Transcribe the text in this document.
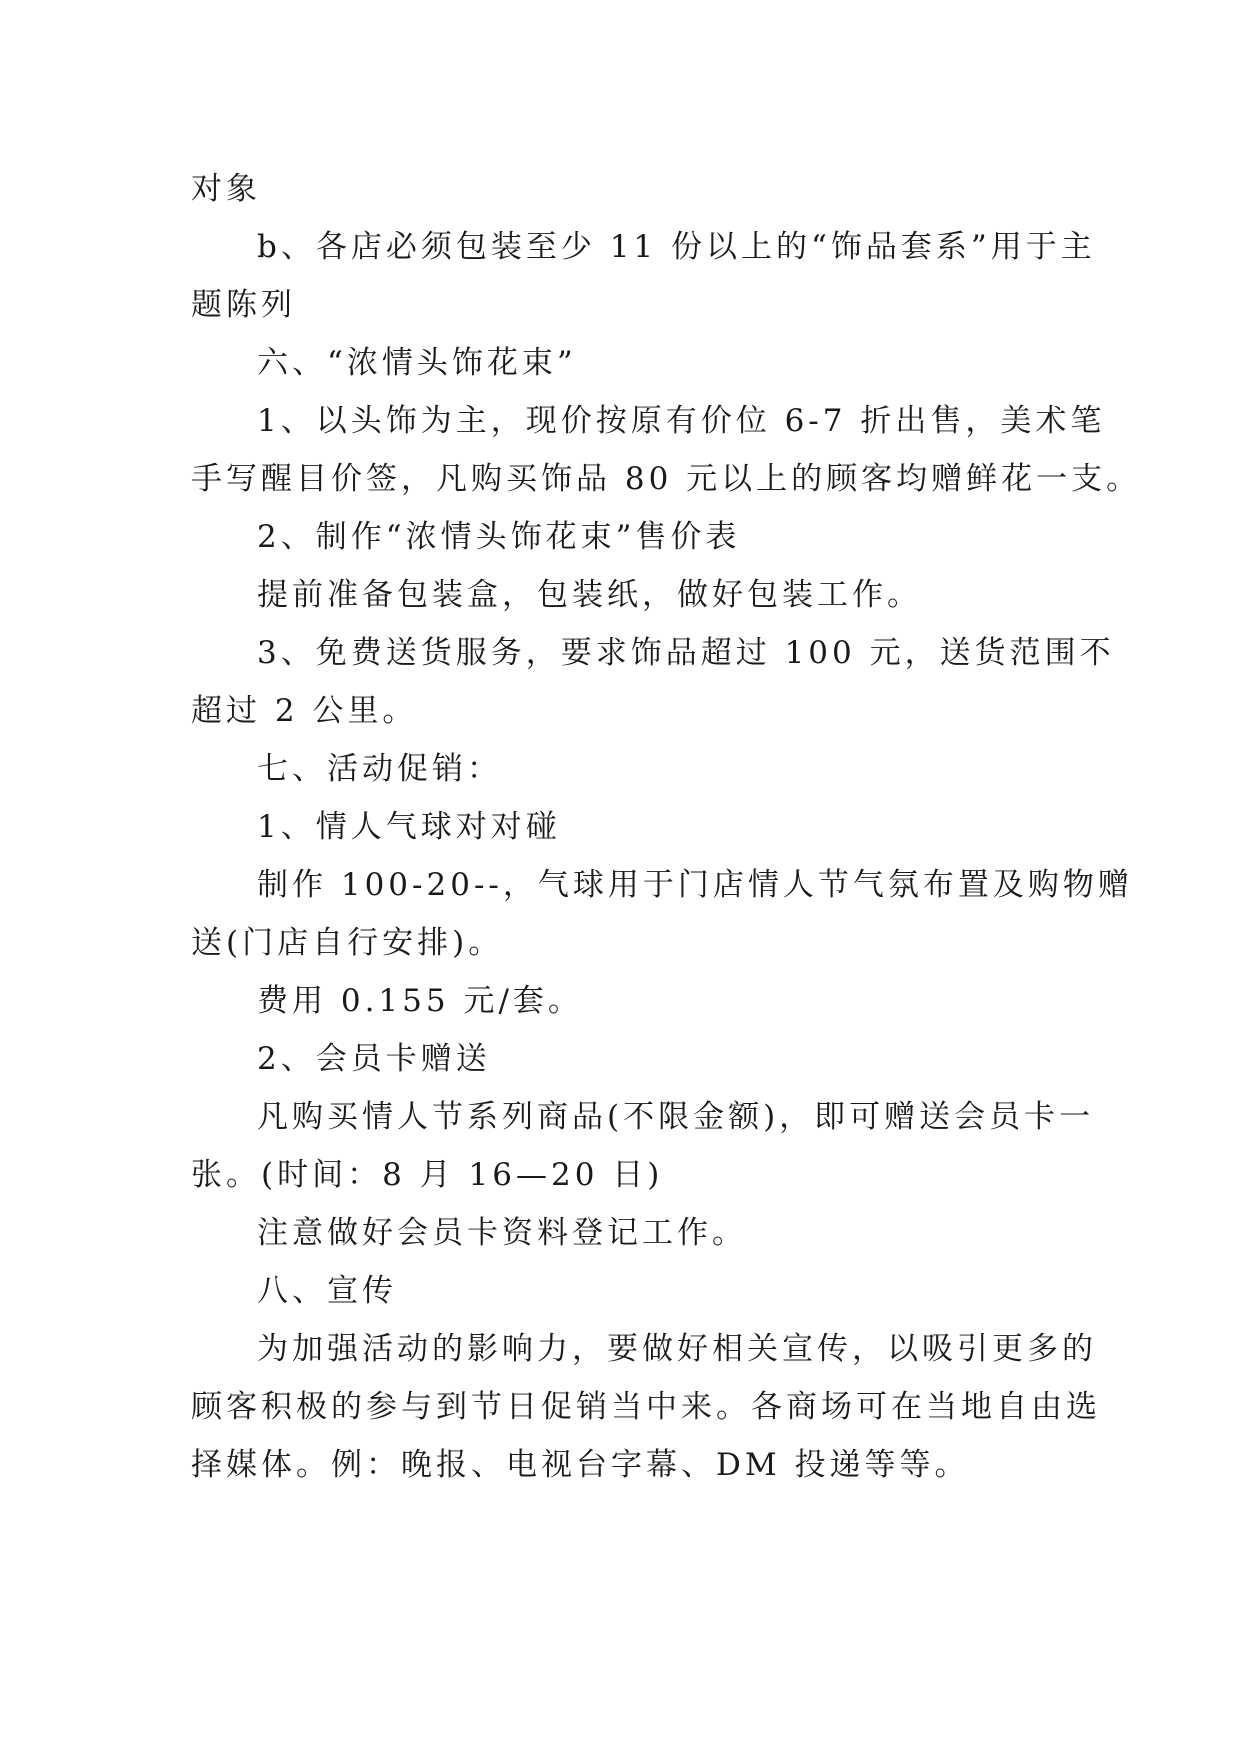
对象
b、各店必须包装至少 11 份以上的“饰品套系”用于主
题陈列
六、“浓情头饰花束”
1、以头饰为主，现价按原有价位 6-7 折出售，美术笔
手写醒目价签，凡购买饰品 80 元以上的顾客均赠鲜花一支。
2、制作“浓情头饰花束”售价表
提前准备包装盒，包装纸，做好包装工作。
3、免费送货服务，要求饰品超过 100 元，送货范围不
超过 2 公里。
七、活动促销：
1、情人气球对对碰
制作 100-20--，气球用于门店情人节气氛布置及购物赠
送(门店自行安排)。
费用 0.155 元/套。
2、会员卡赠送
凡购买情人节系列商品(不限金额)，即可赠送会员卡一
张。(时间：8 月 16—20 日)
注意做好会员卡资料登记工作。
八、宣传
为加强活动的影响力，要做好相关宣传，以吸引更多的
顾客积极的参与到节日促销当中来。各商场可在当地自由选
择媒体。例：晚报、电视台字幕、DM 投递等等。
